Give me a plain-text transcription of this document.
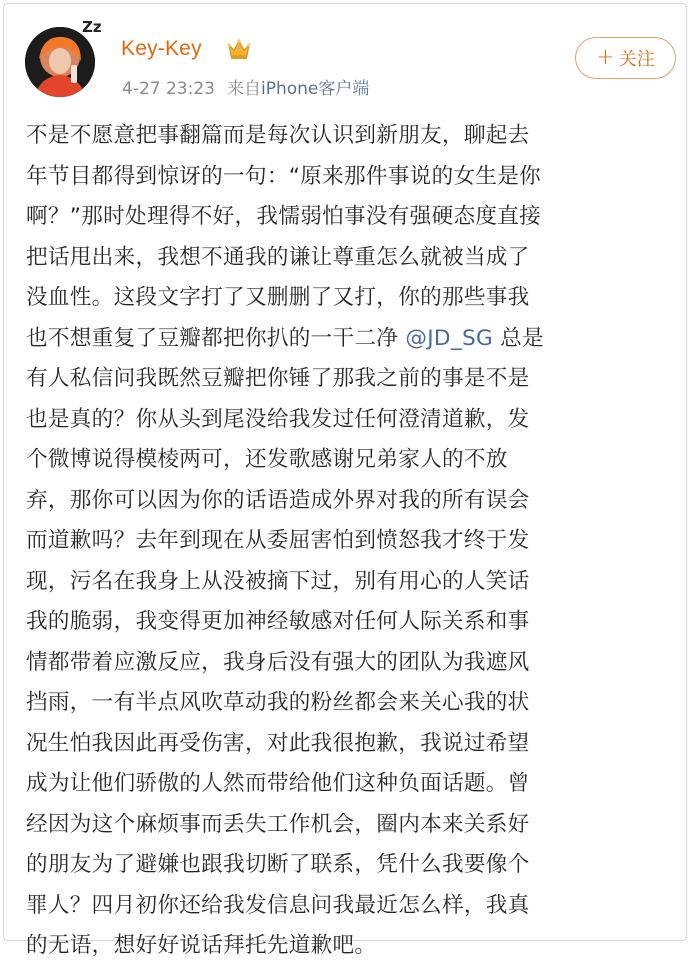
Zz
Key-Key
4-27 23:23 来自iPhone客户端
+ 关注
不是不愿意把事翻篇而是每次认识到新朋友，聊起去
年节目都得到惊讶的一句：“原来那件事说的女生是你
啊？”那时处理得不好，我懦弱怕事没有强硬态度直接
把话甩出来，我想不通我的谦让尊重怎么就被当成了
没血性。这段文字打了又删删了又打，你的那些事我
也不想重复了豆瓣都把你扒的一干二净 @JD_SG 总是
有人私信问我既然豆瓣把你锤了那我之前的事是不是
也是真的？你从头到尾没给我发过任何澄清道歉，发
个微博说得模棱两可，还发歌感谢兄弟家人的不放
弃，那你可以因为你的话语造成外界对我的所有误会
而道歉吗？去年到现在从委屈害怕到愤怒我才终于发
现，污名在我身上从没被摘下过，别有用心的人笑话
我的脆弱，我变得更加神经敏感对任何人际关系和事
情都带着应激反应，我身后没有强大的团队为我遮风
挡雨，一有半点风吹草动我的粉丝都会来关心我的状
况生怕我因此再受伤害，对此我很抱歉，我说过希望
成为让他们骄傲的人然而带给他们这种负面话题。曾
经因为这个麻烦事而丢失工作机会，圈内本来关系好
的朋友为了避嫌也跟我切断了联系，凭什么我要像个
罪人？四月初你还给我发信息问我最近怎么样，我真
的无语，想好好说话拜托先道歉吧。
